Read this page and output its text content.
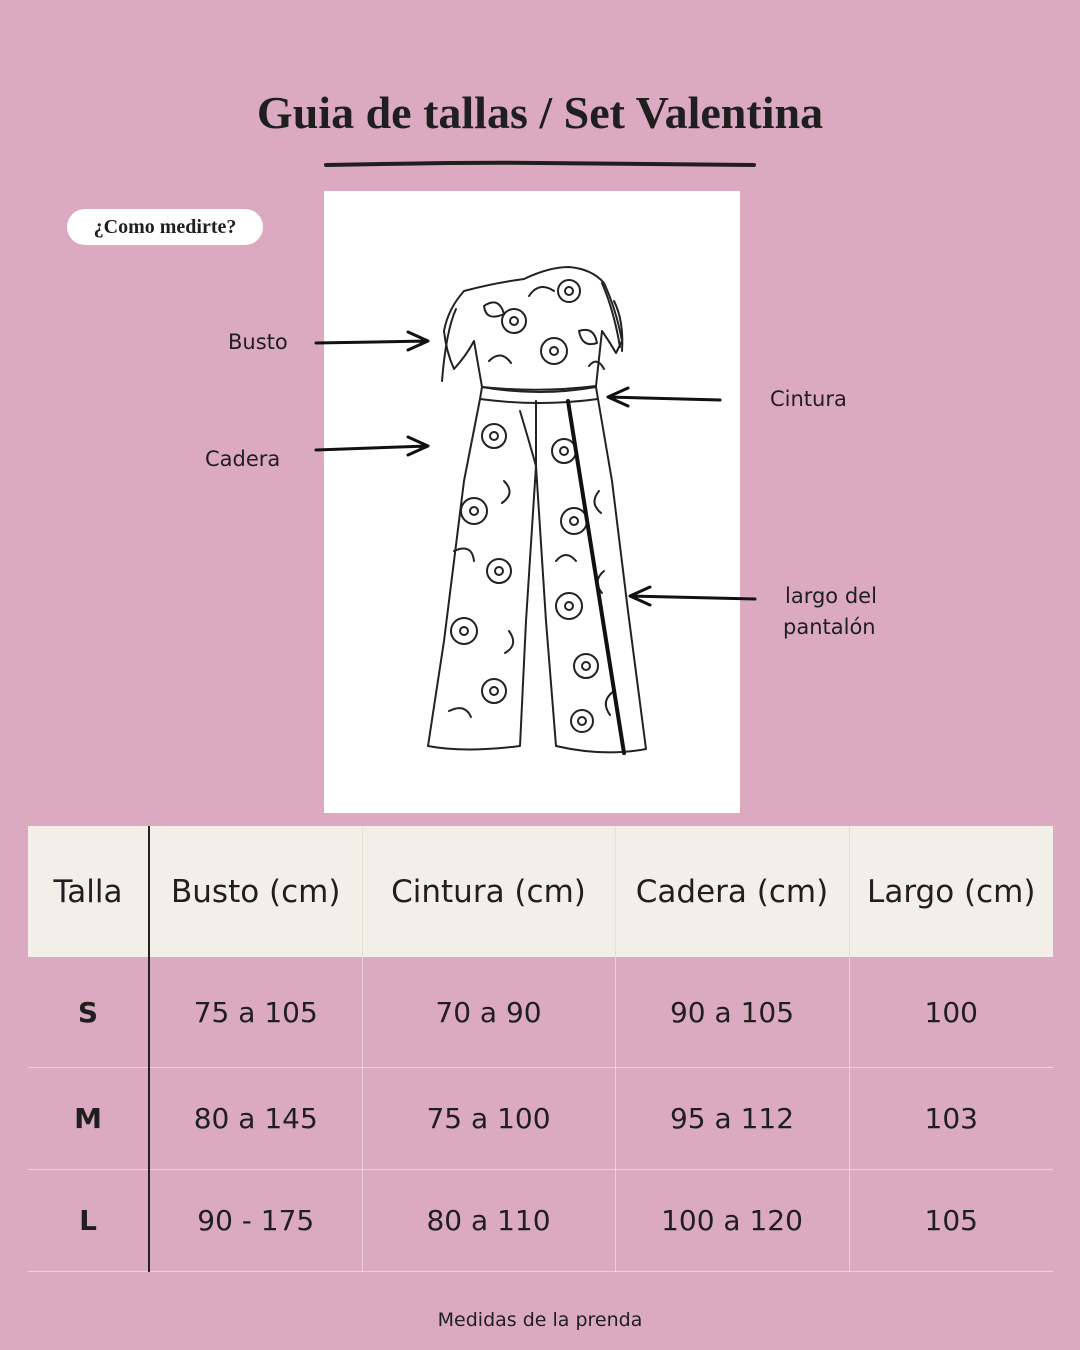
Guia de tallas / Set Valentina
¿Como medirte?
Busto
Cadera
Cintura
largo del
pantalón
Talla	Busto (cm)	Cintura (cm)	Cadera (cm)	Largo (cm)
S	75 a 105	70 a 90	90 a 105	100
M	80 a 145	75 a 100	95 a 112	103
L	90 - 175	80 a 110	100 a 120	105
Medidas de la prenda
